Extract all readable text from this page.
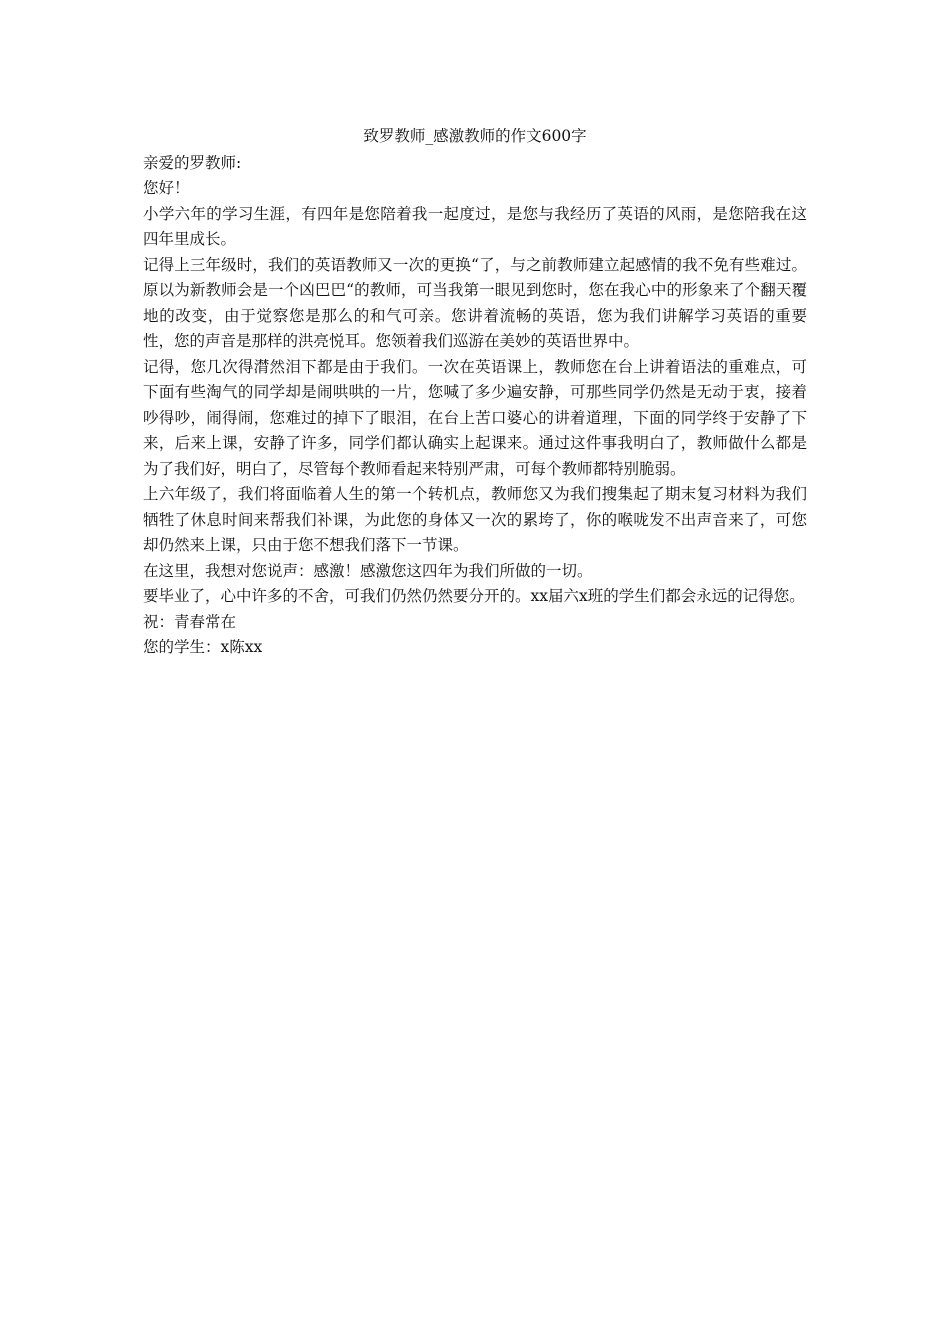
致罗教师_感激教师的作文600字

亲爱的罗教师:

您好！

小学六年的学习生涯，有四年是您陪着我一起度过，是您与我经历了英语的风雨，是您陪我在这四年里成长。

记得上三年级时，我们的英语教师又一次的更换“了，与之前教师建立起感情的我不免有些难过。原以为新教师会是一个凶巴巴“的教师，可当我第一眼见到您时，您在我心中的形象来了个翻天覆地的改变，由于觉察您是那么的和气可亲。您讲着流畅的英语，您为我们讲解学习英语的重要性，您的声音是那样的洪亮悦耳。您领着我们巡游在美妙的英语世界中。

记得，您几次得潸然泪下都是由于我们。一次在英语课上，教师您在台上讲着语法的重难点，可下面有些淘气的同学却是闹哄哄的一片，您喊了多少遍安静，可那些同学仍然是无动于衷，接着吵得吵，闹得闹，您难过的掉下了眼泪，在台上苦口婆心的讲着道理，下面的同学终于安静了下来，后来上课，安静了许多，同学们都认确实上起课来。通过这件事我明白了，教师做什么都是为了我们好，明白了，尽管每个教师看起来特别严肃，可每个教师都特别脆弱。

上六年级了，我们将面临着人生的第一个转机点，教师您又为我们搜集起了期末复习材料为我们牺牲了休息时间来帮我们补课，为此您的身体又一次的累垮了，你的喉咙发不出声音来了，可您却仍然来上课，只由于您不想我们落下一节课。

在这里，我想对您说声：感激！感激您这四年为我们所做的一切。

要毕业了，心中许多的不舍，可我们仍然仍然要分开的。xx届六x班的学生们都会永远的记得您。

祝：青春常在

您的学生：x陈xx
